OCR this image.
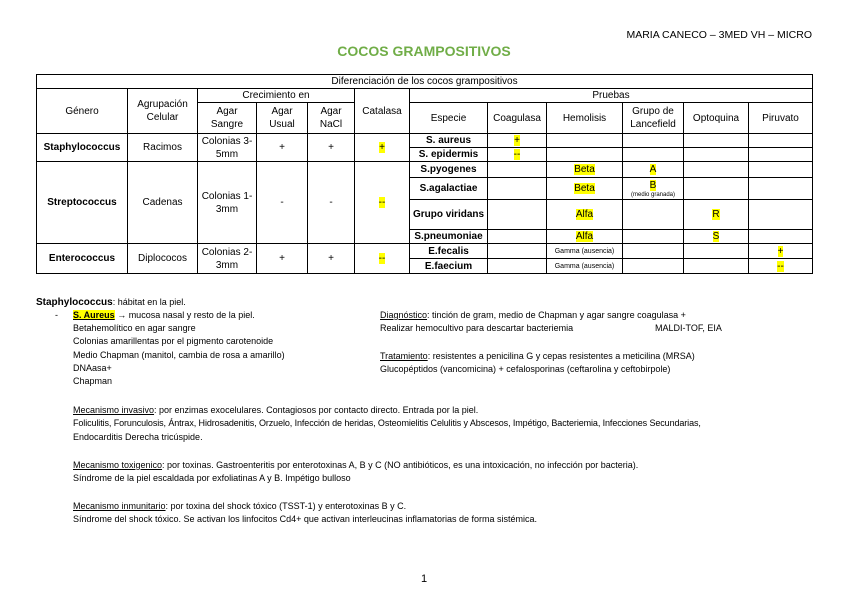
MARIA CANECO – 3MED VH – MICRO
COCOS GRAMPOSITIVOS
Diferenciación de los cocos grampositivos											
Género	Agrupación Celular	Crecimiento en			Catalasa	Pruebas					
		Agar Sangre	Agar Usual	Agar NaCl		Especie	Coagulasa	Hemolisis	Grupo de Lancefield	Optoquina	Piruvato
Staphylococcus	Racimos	Colonias 3-5mm	+	+	+	S. aureus	+				
						S. epidermis	--				
Streptococcus	Cadenas	Colonias 1-3mm	-	-	--	S.pyogenes		Beta	A		
						S.agalactiae		Beta	B
(medio granada)		

						Grupo viridans		Alfa		R	
						S.pneumoniae		Alfa		S	
Enterococcus	Diplococos	Colonias 2-3mm	+	+	--	E.fecalis		Gamma (ausencia)			+
						E.faecium		Gamma (ausencia)			--
Staphylococcus: hábitat en la piel.
- S. Aureus → mucosa nasal y resto de la piel.
Betahemolítico en agar sangre
Colonias amarillentas por el pigmento carotenoide
Medio Chapman (manitol, cambia de rosa a amarillo)
DNAasa+
Chapman
Diagnóstico: tinción de gram, medio de Chapman y agar sangre coagulasa +
Realizar hemocultivo para descartar bacteriemia	MALDI-TOF, EIA
Tratamiento: resistentes a penicilina G y cepas resistentes a meticilina (MRSA)
Glucopéptidos (vancomicina) + cefalosporinas (ceftarolina y ceftobirpole)
Mecanismo invasivo: por enzimas exocelulares. Contagiosos por contacto directo. Entrada por la piel.
Foliculitis, Forunculosis, Ántrax, Hidrosadenitis, Orzuelo, Infección de heridas, Osteomielitis Celulitis y Abscesos, Impétigo, Bacteriemia, Infecciones Secundarias,
Endocarditis Derecha tricúspide.
Mecanismo toxigenico: por toxinas. Gastroenteritis por enterotoxinas A, B y C (NO antibióticos, es una intoxicación, no infección por bacteria).
Síndrome de la piel escaldada por exfoliatinas A y B. Impétigo bulloso
Mecanismo inmunitario: por toxina del shock tóxico (TSST-1) y enterotoxinas B y C.
Síndrome del shock tóxico. Se activan los linfocitos Cd4+ que activan interleucinas inflamatorias de forma sistémica.
1
